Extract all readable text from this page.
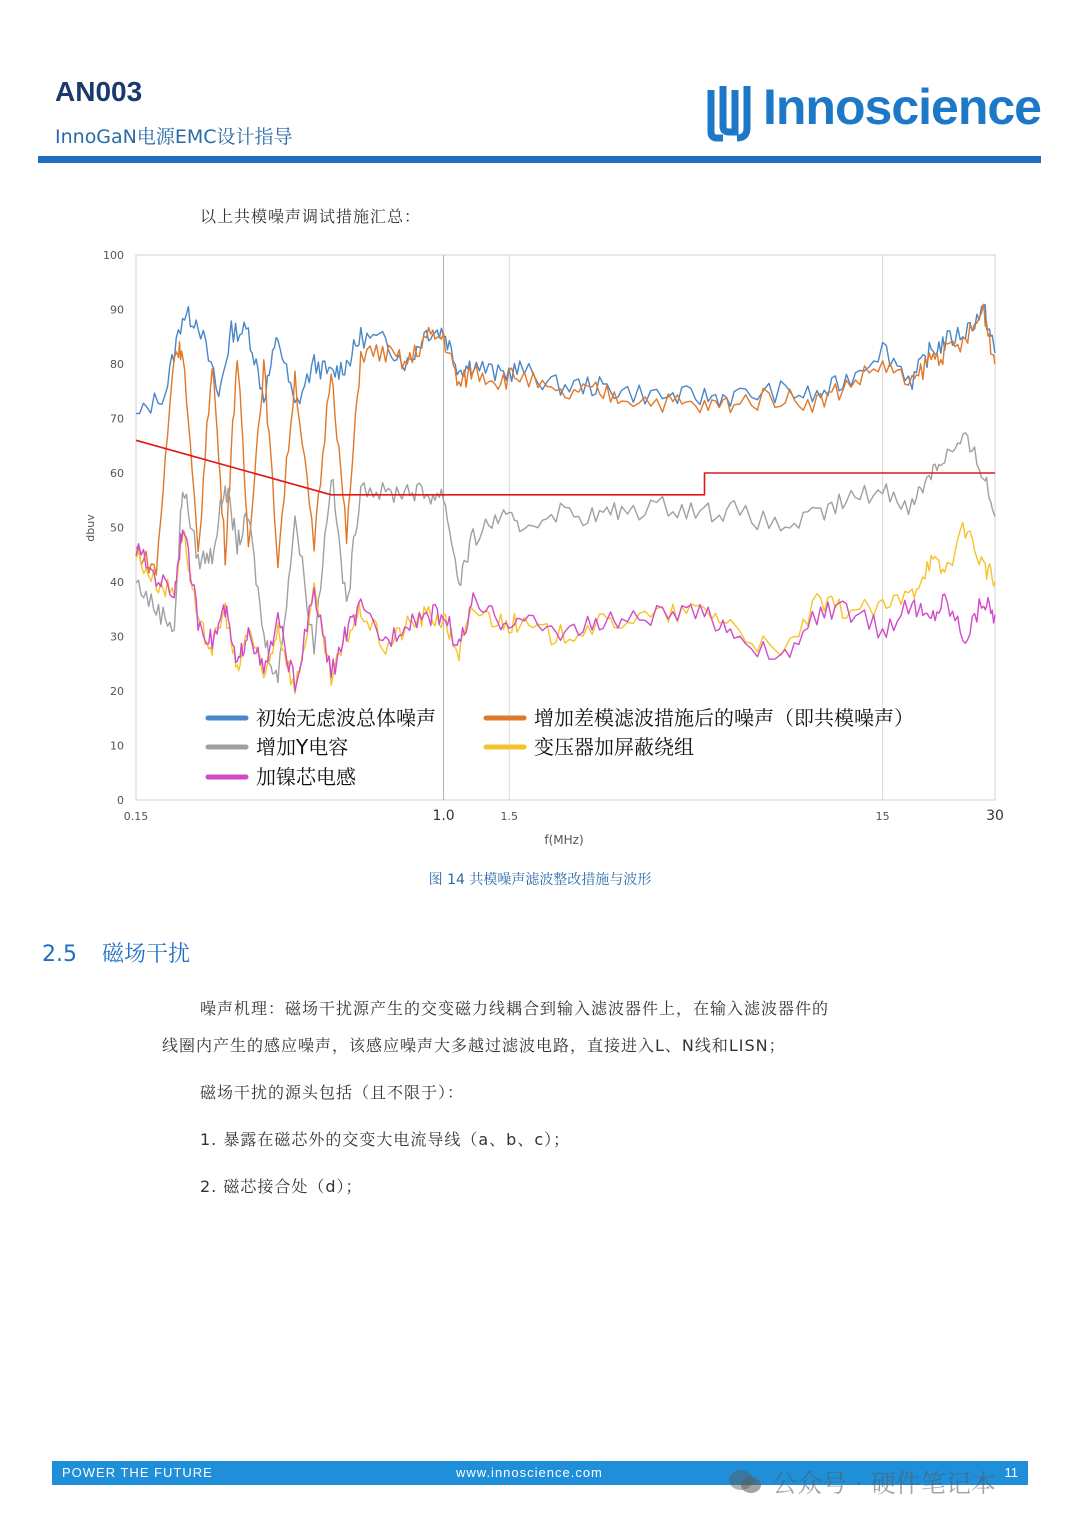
AN003
InnoGaN电源EMC设计指导
Innoscience
以上共模噪声调试措施汇总：
100
90
80
70
60
50
40
30
20
10
0
0.15	1.0	1.5	15	30
dbuv
f(MHz)
初始无虑波总体噪声	增加差模滤波措施后的噪声（即共模噪声）
增加Y电容	变压器加屏蔽绕组
加镍芯电感
图 14 共模噪声滤波整改措施与波形
2.5 磁场干扰
噪声机理：磁场干扰源产生的交变磁力线耦合到输入滤波器件上，在输入滤波器件的
线圈内产生的感应噪声，该感应噪声大多越过滤波电路，直接进入L、N线和LISN；
磁场干扰的源头包括（且不限于）：
1. 暴露在磁芯外的交变大电流导线（a、b、c）；
2. 磁芯接合处（d）；
POWER THE FUTURE	www.innoscience.com	11
公众号 · 硬件笔记本
